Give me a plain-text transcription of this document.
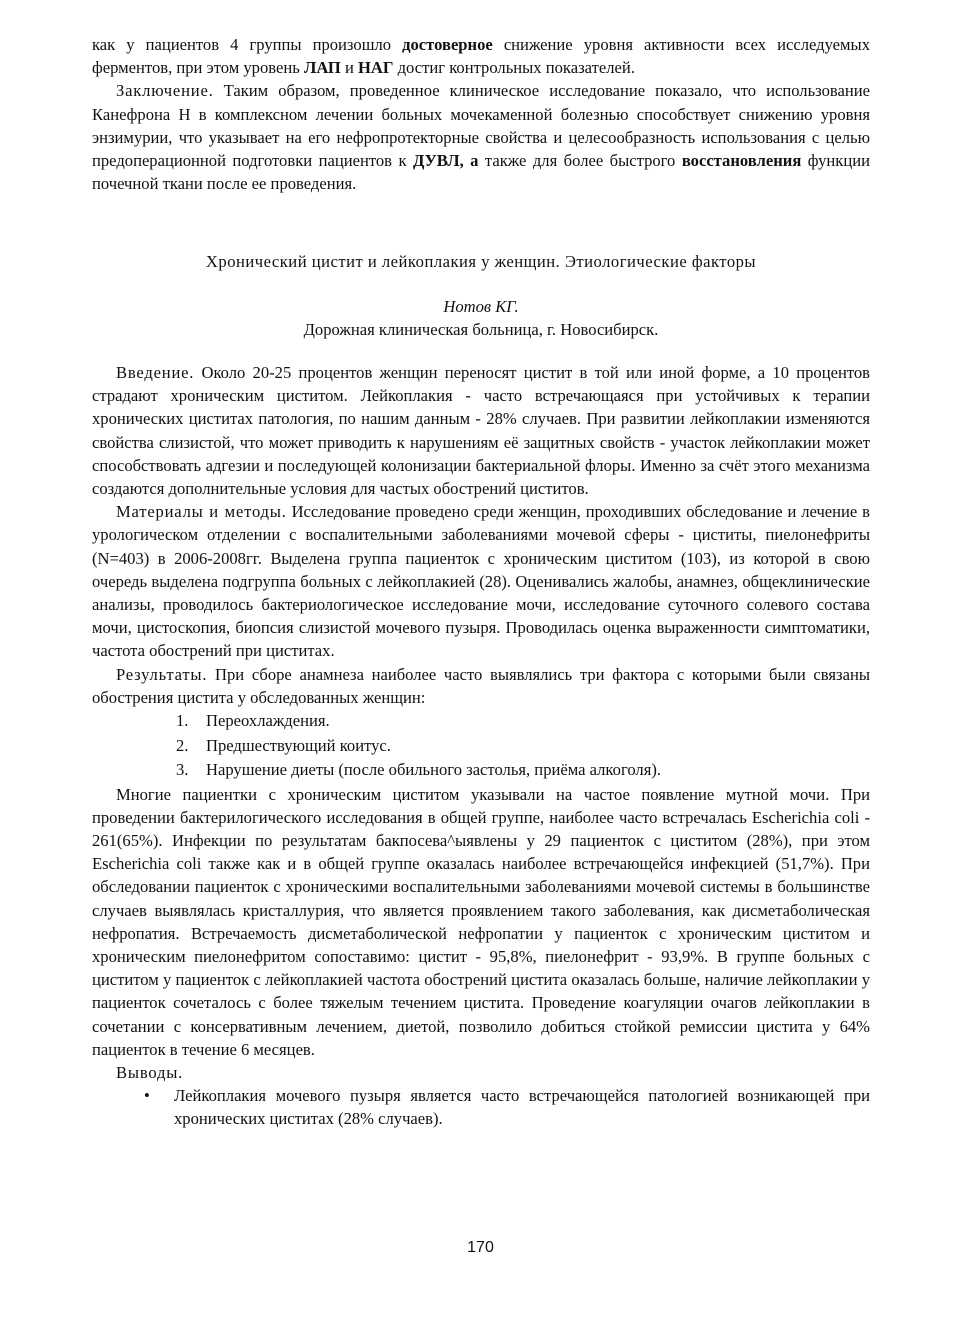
как у пациентов 4 группы произошло достоверное снижение уровня активности всех исследуемых ферментов, при этом уровень ЛАП и НАГ достиг контрольных показателей.

Заключение. Таким образом, проведенное клиническое исследование показало, что использование Канефрона Н в комплексном лечении больных мочекаменной болезнью способствует снижению уровня энзимурии, что указывает на его нефропротекторные свойства и целесообразность использования с целью предоперационной подготовки пациентов к ДУВЛ, а также для более быстрого восстановления функции почечной ткани после ее проведения.

Хронический цистит и лейкоплакия у женщин. Этиологические факторы

Нотов КГ.

Дорожная клиническая больница, г. Новосибирск.

Введение. Около 20-25 процентов женщин переносят цистит в той или иной форме, а 10 процентов страдают хроническим циститом. Лейкоплакия - часто встречающаяся при устойчивых к терапии хронических циститах патология, по нашим данным - 28% случаев. При развитии лейкоплакии изменяются свойства слизистой, что может приводить к нарушениям её защитных свойств - участок лейкоплакии может способствовать адгезии и последующей колонизации бактериальной флоры. Именно за счёт этого механизма создаются дополнительные условия для частых обострений циститов.

Материалы и методы. Исследование проведено среди женщин, проходивших обследование и лечение в урологическом отделении с воспалительными заболеваниями мочевой сферы - циститы, пиелонефриты (N=403) в 2006-2008гг. Выделена группа пациенток с хроническим циститом (103), из которой в свою очередь выделена подгруппа больных с лейкоплакией (28). Оценивались жалобы, анамнез, общеклинические анализы, проводилось бактериологическое исследование мочи, исследование суточного солевого состава мочи, цистоскопия, биопсия слизистой мочевого пузыря. Проводилась оценка выраженности симптоматики, частота обострений при циститах.

Результаты. При сборе анамнеза наиболее часто выявлялись три фактора с которыми были связаны обострения цистита у обследованных женщин:

1. Переохлаждения.
2. Предшествующий коитус.
3. Нарушение диеты (после обильного застолья, приёма алкоголя).

Многие пациентки с хроническим циститом указывали на частое появление мутной мочи. При проведении бактерилогического исследования в общей группе, наиболее часто встречалась Escherichia coli - 261(65%). Инфекции по результатам бакпосева^ыявлены у 29 пациенток с циститом (28%), при этом Escherichia coli также как и в общей группе оказалась наиболее встречающейся инфекцией (51,7%). При обследовании пациенток с хроническими воспалительными заболеваниями мочевой системы в большинстве случаев выявлялась кристаллурия, что является проявлением такого заболевания, как дисметаболическая нефропатия. Встречаемость дисметаболической нефропатии у пациенток с хроническим циститом и хроническим пиелонефритом сопоставимо: цистит - 95,8%, пиелонефрит - 93,9%. В группе больных с циститом у пациенток с лейкоплакией частота обострений цистита оказалась больше, наличие лейкоплакии у пациенток сочеталось с более тяжелым течением цистита. Проведение коагуляции очагов лейкоплакии в сочетании с консервативным лечением, диетой, позволило добиться стойкой ремиссии цистита у 64% пациенток в течение 6 месяцев.

Выводы.

• Лейкоплакия мочевого пузыря является часто встречающейся патологией возникающей при хронических циститах (28% случаев).
170
